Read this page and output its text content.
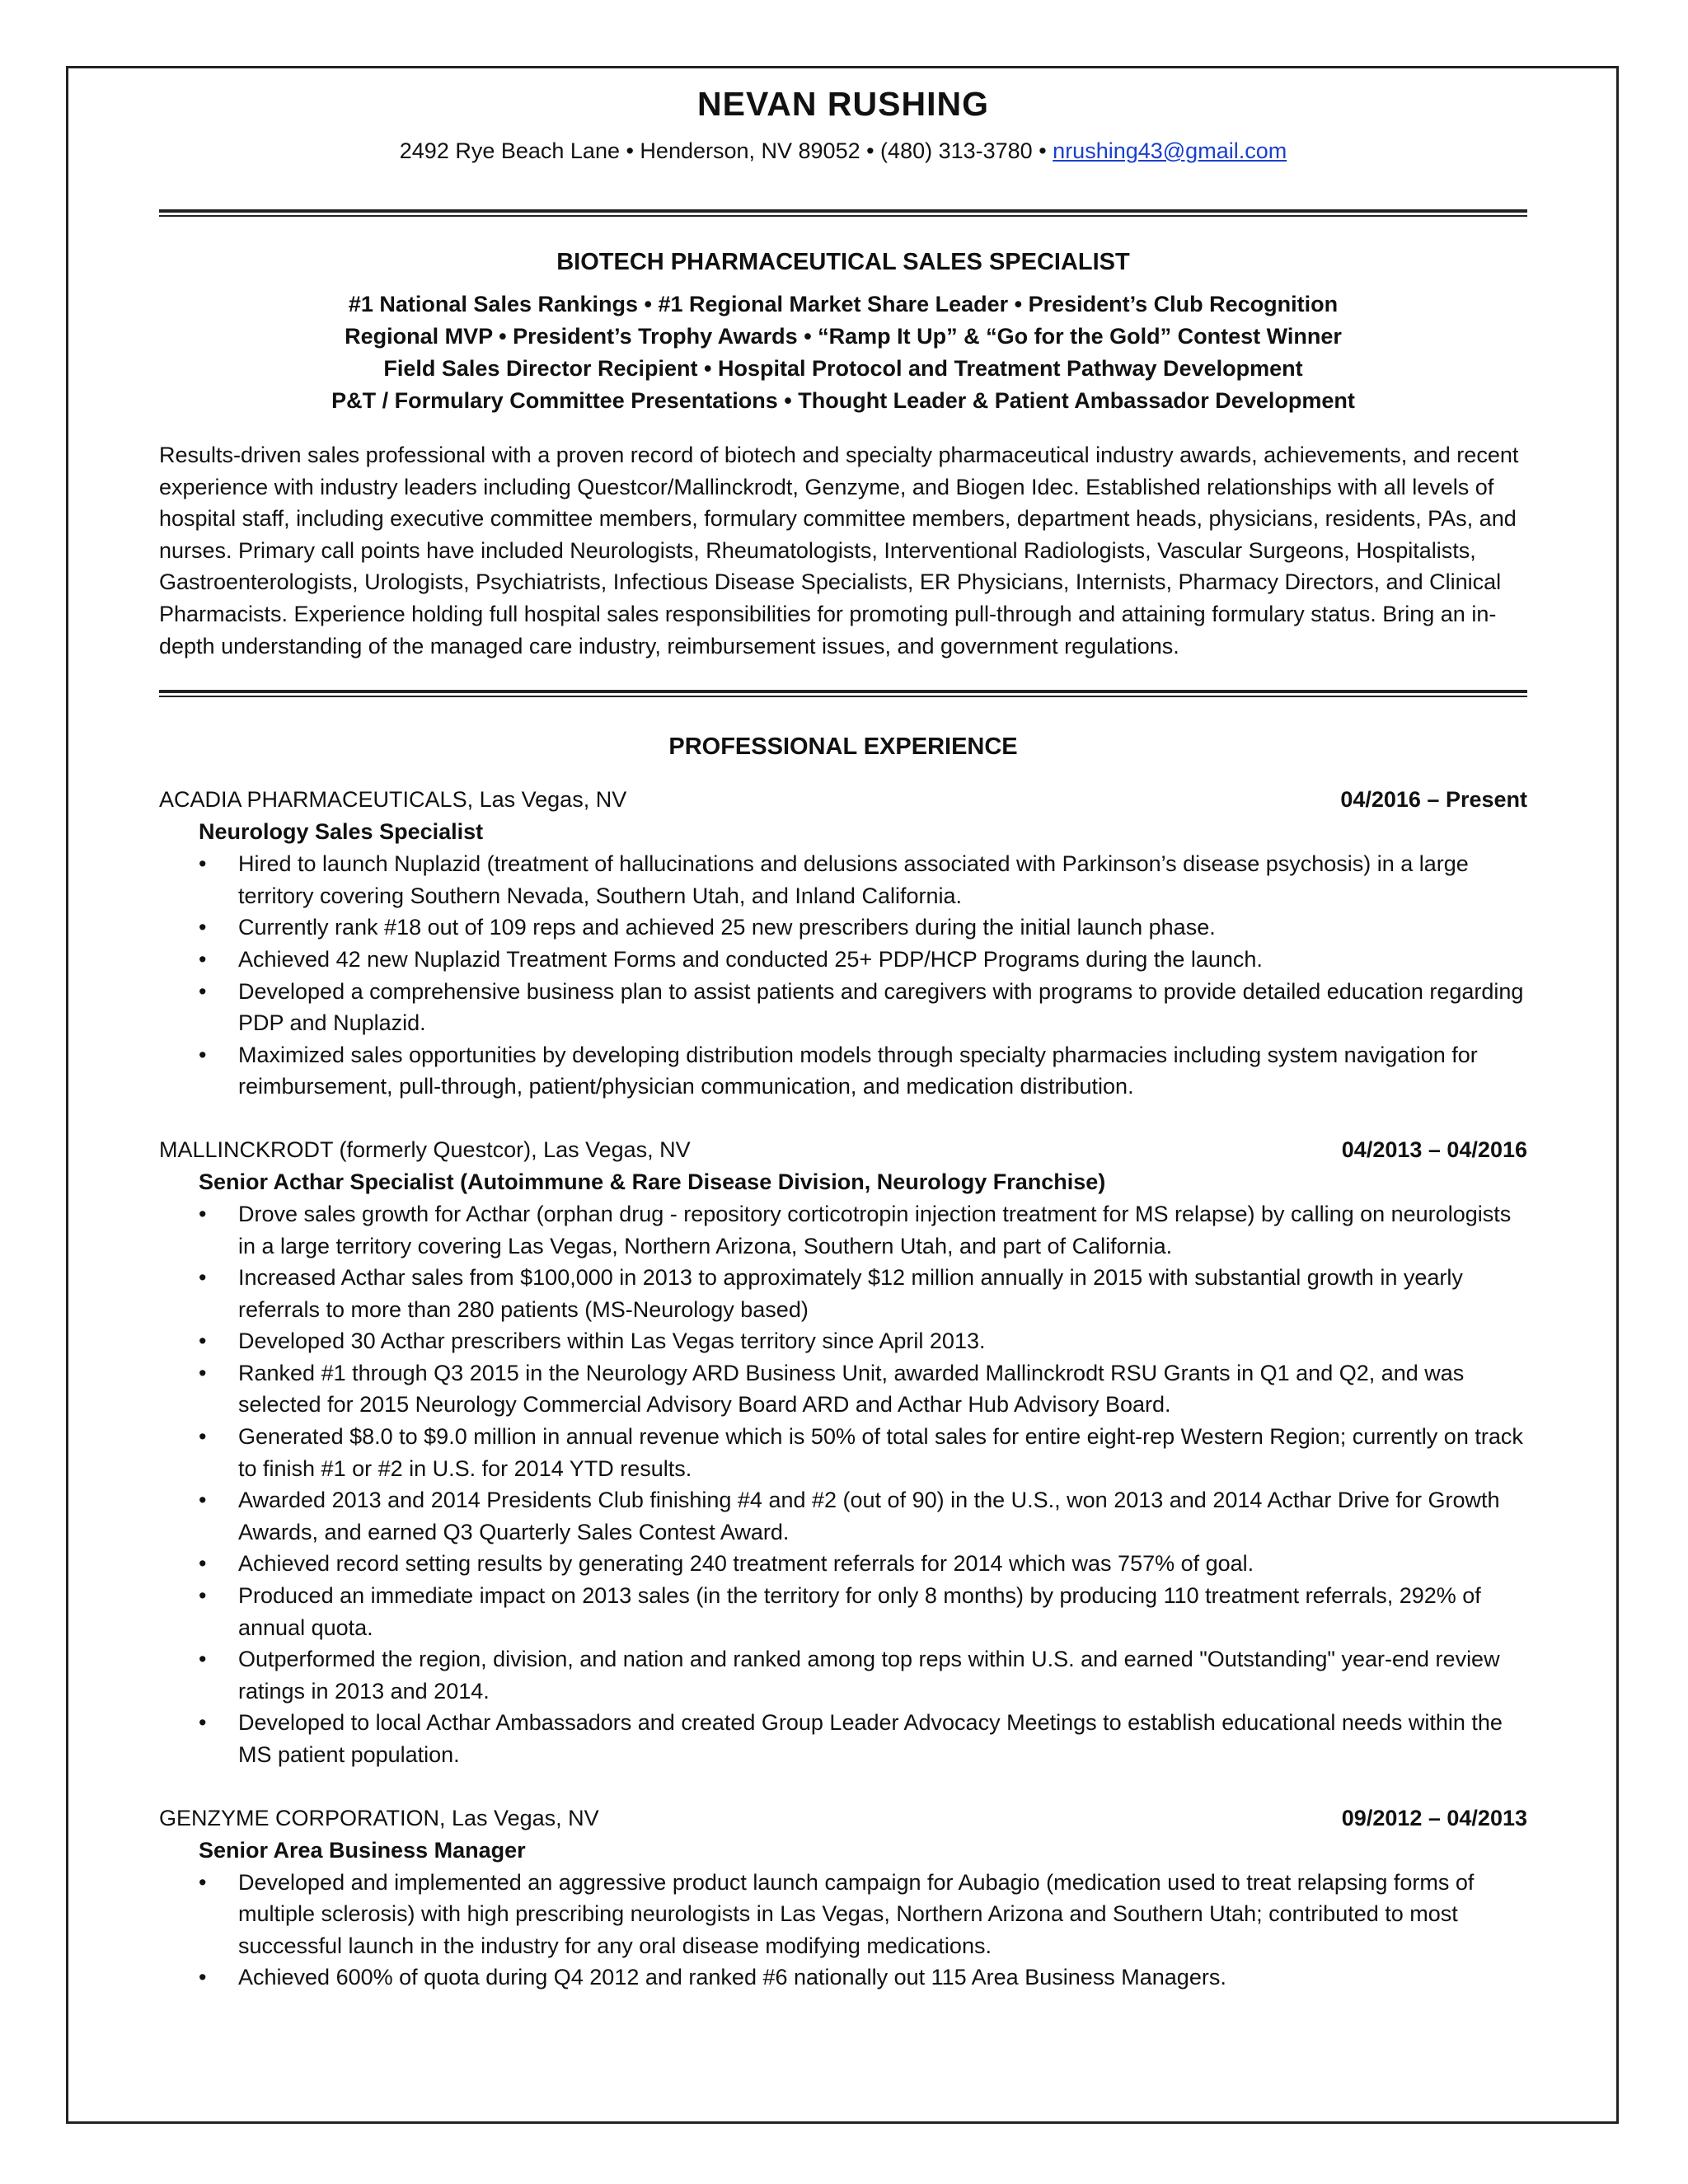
NEVAN RUSHING
2492 Rye Beach Lane • Henderson, NV 89052 • (480) 313-3780 • nrushing43@gmail.com
BIOTECH PHARMACEUTICAL SALES SPECIALIST
#1 National Sales Rankings • #1 Regional Market Share Leader • President’s Club Recognition
Regional MVP • President’s Trophy Awards • “Ramp It Up” & “Go for the Gold” Contest Winner
Field Sales Director Recipient • Hospital Protocol and Treatment Pathway Development
P&T / Formulary Committee Presentations • Thought Leader & Patient Ambassador Development

Results-driven sales professional with a proven record of biotech and specialty pharmaceutical industry awards, achievements, and recent experience with industry leaders including Questcor/Mallinckrodt, Genzyme, and Biogen Idec. Established relationships with all levels of hospital staff, including executive committee members, formulary committee members, department heads, physicians, residents, PAs, and nurses. Primary call points have included Neurologists, Rheumatologists, Interventional Radiologists, Vascular Surgeons, Hospitalists, Gastroenterologists, Urologists, Psychiatrists, Infectious Disease Specialists, ER Physicians, Internists, Pharmacy Directors, and Clinical Pharmacists. Experience holding full hospital sales responsibilities for promoting pull-through and attaining formulary status. Bring an in-depth understanding of the managed care industry, reimbursement issues, and government regulations.

PROFESSIONAL EXPERIENCE
ACADIA PHARMACEUTICALS, Las Vegas, NV	04/2016 – Present
Neurology Sales Specialist
• Hired to launch Nuplazid (treatment of hallucinations and delusions associated with Parkinson’s disease psychosis) in a large territory covering Southern Nevada, Southern Utah, and Inland California.
• Currently rank #18 out of 109 reps and achieved 25 new prescribers during the initial launch phase.
• Achieved 42 new Nuplazid Treatment Forms and conducted 25+ PDP/HCP Programs during the launch.
• Developed a comprehensive business plan to assist patients and caregivers with programs to provide detailed education regarding PDP and Nuplazid.
• Maximized sales opportunities by developing distribution models through specialty pharmacies including system navigation for reimbursement, pull-through, patient/physician communication, and medication distribution.
MALLINCKRODT (formerly Questcor), Las Vegas, NV	04/2013 – 04/2016
Senior Acthar Specialist (Autoimmune & Rare Disease Division, Neurology Franchise)
• Drove sales growth for Acthar (orphan drug - repository corticotropin injection treatment for MS relapse) by calling on neurologists in a large territory covering Las Vegas, Northern Arizona, Southern Utah, and part of California.
• Increased Acthar sales from $100,000 in 2013 to approximately $12 million annually in 2015 with substantial growth in yearly referrals to more than 280 patients (MS-Neurology based)
• Developed 30 Acthar prescribers within Las Vegas territory since April 2013.
• Ranked #1 through Q3 2015 in the Neurology ARD Business Unit, awarded Mallinckrodt RSU Grants in Q1 and Q2, and was selected for 2015 Neurology Commercial Advisory Board ARD and Acthar Hub Advisory Board.
• Generated $8.0 to $9.0 million in annual revenue which is 50% of total sales for entire eight-rep Western Region; currently on track to finish #1 or #2 in U.S. for 2014 YTD results.
• Awarded 2013 and 2014 Presidents Club finishing #4 and #2 (out of 90) in the U.S., won 2013 and 2014 Acthar Drive for Growth Awards, and earned Q3 Quarterly Sales Contest Award.
• Achieved record setting results by generating 240 treatment referrals for 2014 which was 757% of goal.
• Produced an immediate impact on 2013 sales (in the territory for only 8 months) by producing 110 treatment referrals, 292% of annual quota.
• Outperformed the region, division, and nation and ranked among top reps within U.S. and earned "Outstanding" year-end review ratings in 2013 and 2014.
• Developed to local Acthar Ambassadors and created Group Leader Advocacy Meetings to establish educational needs within the MS patient population.
GENZYME CORPORATION, Las Vegas, NV	09/2012 – 04/2013
Senior Area Business Manager
• Developed and implemented an aggressive product launch campaign for Aubagio (medication used to treat relapsing forms of multiple sclerosis) with high prescribing neurologists in Las Vegas, Northern Arizona and Southern Utah; contributed to most successful launch in the industry for any oral disease modifying medications.
• Achieved 600% of quota during Q4 2012 and ranked #6 nationally out 115 Area Business Managers.
